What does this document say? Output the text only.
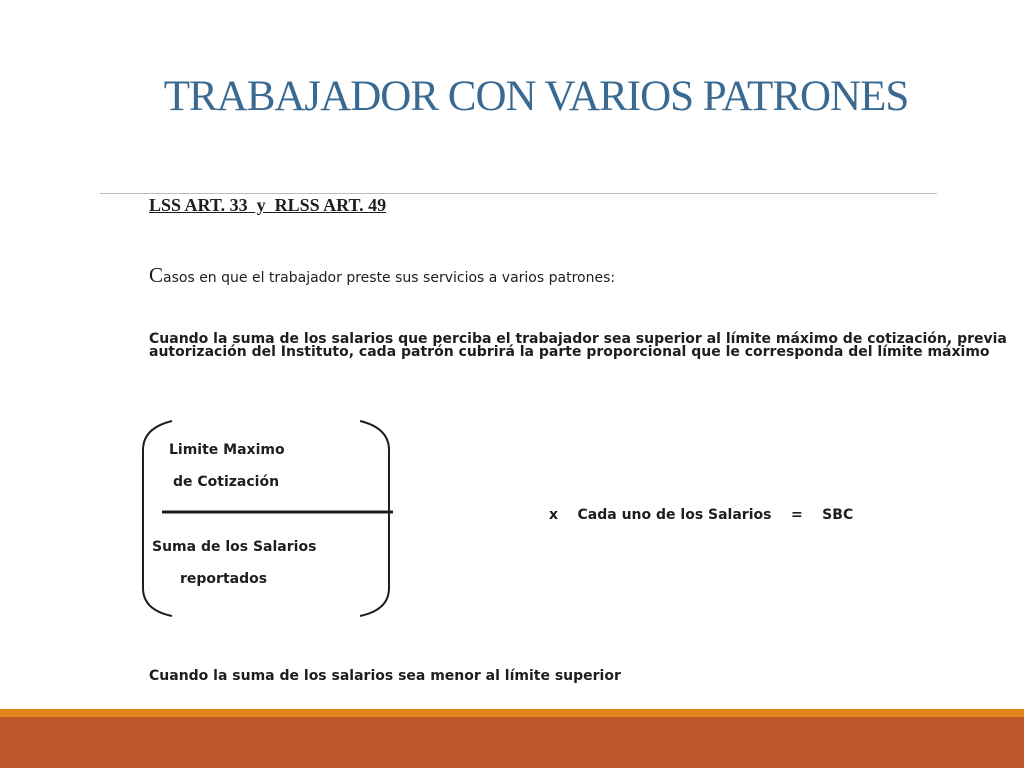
TRABAJADOR CON VARIOS PATRONES
LSS ART. 33  y  RLSS ART. 49
Casos en que el trabajador preste sus servicios a varios patrones:
Cuando la suma de los salarios que perciba el trabajador sea superior al límite máximo de cotización, previa autorización del Instituto, cada patrón cubrirá la parte proporcional que le corresponda del límite máximo
Limite Maximo
de Cotización
Suma de los Salarios
reportados
x    Cada uno de los Salarios    =    SBC
Cuando la suma de los salarios sea menor al límite superior
